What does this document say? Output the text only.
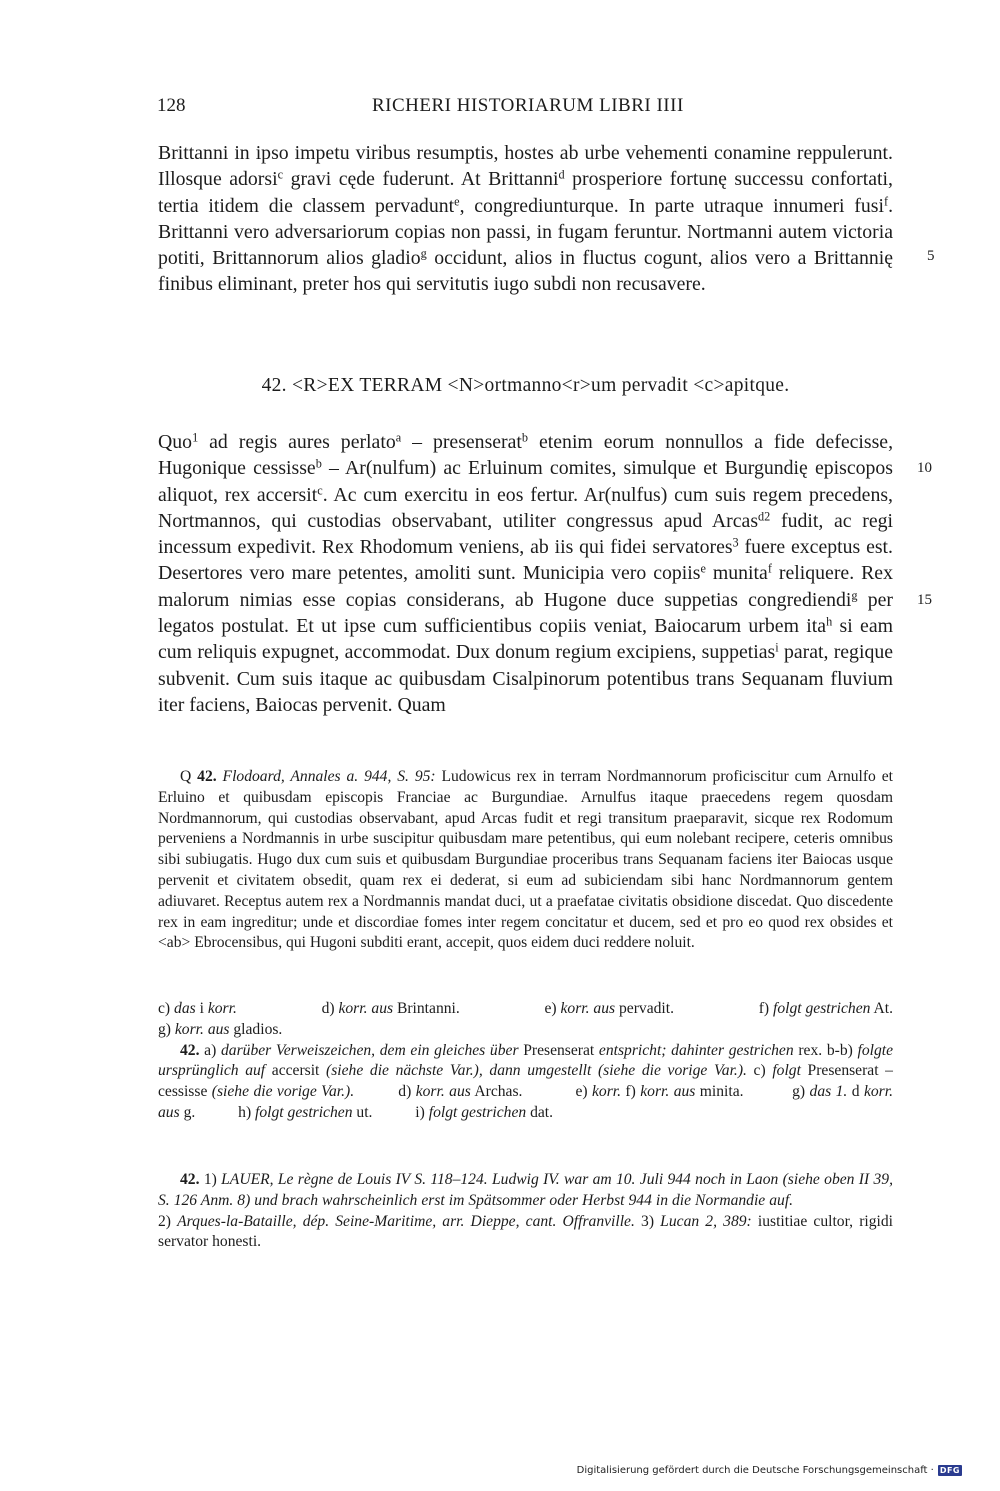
128	RICHERI HISTORIARUM LIBRI IIII

Brittanni in ipso impetu viribus resumptis, hostes ab urbe vehementi conamine reppulerunt. Illosque adorsi$^c$ gravi cęde fuderunt. At Brittanni$^d$ prosperiore fortunę successu confortati, tertia itidem die classem pervadunt$^e$, congrediunturque. In parte utraque innumeri fusi$^f$. Brittanni vero adversariorum copias non passi, in fugam feruntur. Nortmanni autem victoria potiti, Brittannorum alios gladio$^g$ occidunt, alios in fluctus cogunt, alios vero a Brittannię finibus eliminant, preter hos qui servitutis iugo subdi non recusavere.

5
42. <R>EX TERRAM <N>ortmanno<r>um pervadit <c>apitque.

Quo$^1$ ad regis aures perlato$^a$ – presenserat$^b$ etenim eorum nonnullos a fide defecisse, Hugonique cessisse$^b$ – Ar(nulfum) ac Erluinum comites, simulque et Burgundię episcopos aliquot, rex accersit$^c$. Ac cum exercitu in eos fertur. Ar(nulfus) cum suis regem precedens, Nortmannos, qui custodias observabant, utiliter congressus apud Arcas$^{d2}$ fudit, ac regi incessum expedivit. Rex Rhodomum veniens, ab iis qui fidei servatores$^3$ fuere exceptus est. Desertores vero mare petentes, amoliti sunt. Municipia vero copiis$^e$ munita$^f$ reliquere. Rex malorum nimias esse copias considerans, ab Hugone duce suppetias congrediendi$^g$ per legatos postulat. Et ut ipse cum sufficientibus copiis veniat, Baiocarum urbem ita$^h$ si eam cum reliquis expugnet, accommodat. Dux donum regium excipiens, suppetias$^i$ parat, regique subvenit. Cum suis itaque ac quibusdam Cisalpinorum potentibus trans Sequanam fluvium iter faciens, Baiocas pervenit. Quam

10
15

Q 42. Flodoard, Annales a. 944, S. 95: Ludowicus rex in terram Nordmannorum proficiscitur cum Arnulfo et Erluino et quibusdam episcopis Franciae ac Burgundiae. Arnulfus itaque praecedens regem quosdam Nordmannorum, qui custodias observabant, apud Arcas fudit et regi transitum praeparavit, sicque rex Rodomum perveniens a Nordmannis in urbe suscipitur quibusdam mare petentibus, qui eum nolebant recipere, ceteris omnibus sibi subiugatis. Hugo dux cum suis et quibusdam Burgundiae proceribus trans Sequanam faciens iter Baiocas usque pervenit et civitatem obsedit, quam rex ei dederat, si eum ad subiciendam sibi hanc Nordmannorum gentem adiuvaret. Receptus autem rex a Nordmannis mandat duci, ut a praefatae civitatis obsidione discedat. Quo discedente rex in eam ingreditur; unde et discordiae fomes inter regem concitatur et ducem, sed et pro eo quod rex obsides et <ab> Ebrocensibus, qui Hugoni subditi erant, accepit, quos eidem duci reddere noluit.

c) das i korr.	d) korr. aus Brintanni.	e) korr. aus pervadit.	f) folgt gestrichen At.

g) korr. aus gladios.

42. a) darüber Verweiszeichen, dem ein gleiches über Presenserat entspricht; dahinter gestrichen rex. b-b) folgte ursprünglich auf accersit (siehe die nächste Var.), dann umgestellt (siehe die vorige Var.). c) folgt Presenserat – cessisse (siehe die vorige Var.).          d) korr. aus Archas.            e) korr. f) korr. aus minita.           g) das 1. d korr. aus g.           h) folgt gestrichen ut.           i) folgt gestrichen dat.

42. 1) LAUER, Le règne de Louis IV S. 118–124. Ludwig IV. war am 10. Juli 944 noch in Laon (siehe oben II 39, S. 126 Anm. 8) und brach wahrscheinlich erst im Spätsommer oder Herbst 944 in die Normandie auf.                          2) Arques-la-Bataille, dép. Seine-Maritime, arr. Dieppe, cant. Offranville. 3) Lucan 2, 389: iustitiae cultor, rigidi servator honesti.

Digitalisierung gefördert durch die Deutsche Forschungsgemeinschaft · DFG
